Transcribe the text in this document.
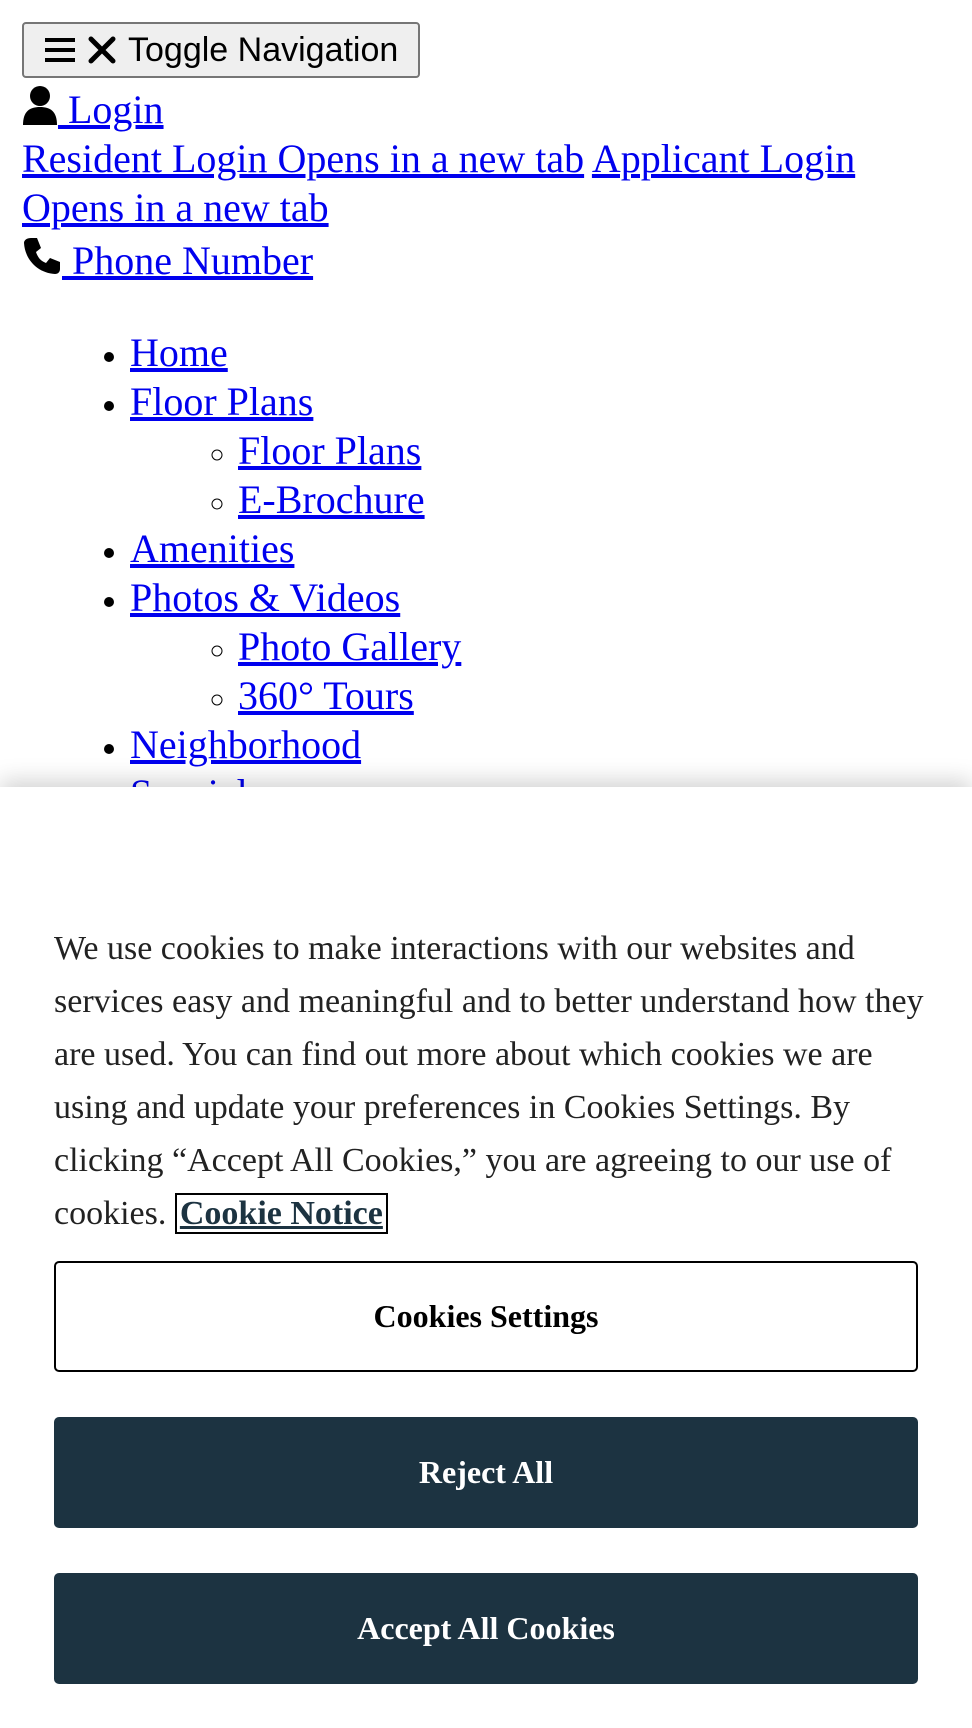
Toggle Navigation
Login
Resident Login Opens in a new tab Applicant Login Opens in a new tab
Phone Number
• Home
• Floor Plans
◦ Floor Plans
◦ E-Brochure
• Amenities
• Photos & Videos
◦ Photo Gallery
◦ 360° Tours
• Neighborhood
•
We use cookies to make interactions with our websites and services easy and meaningful and to better understand how they are used. You can find out more about which cookies we are using and update your preferences in Cookies Settings. By clicking “Accept All Cookies,” you are agreeing to our use of cookies. Cookie Notice
Cookies Settings
Reject All
Accept All Cookies
